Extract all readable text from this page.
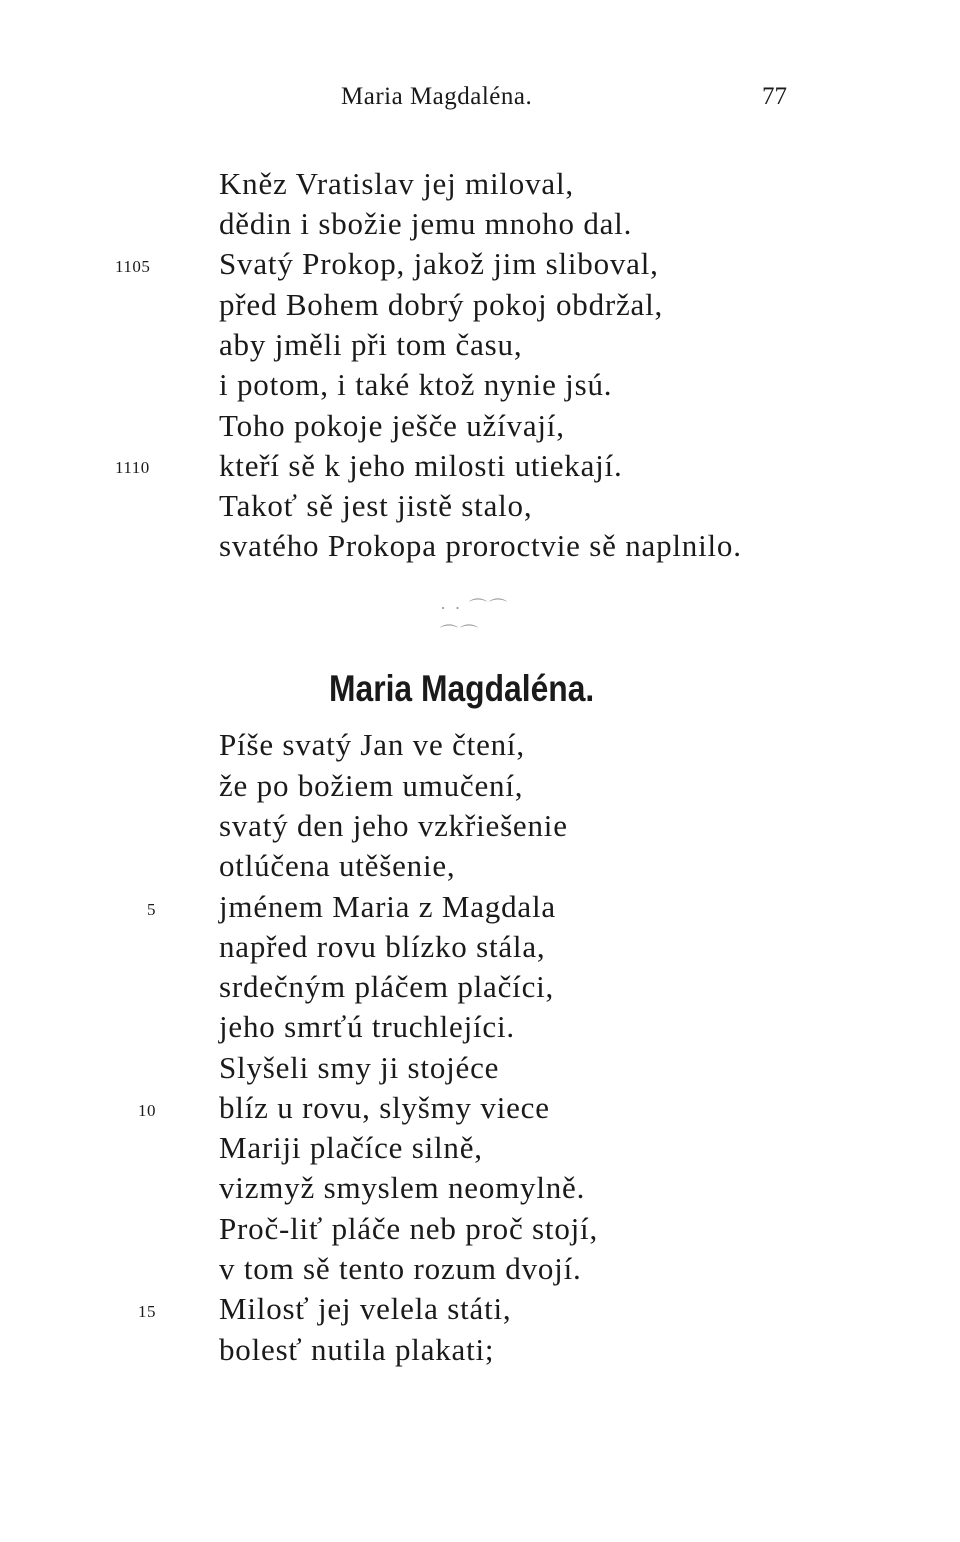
Maria Magdaléna.	77
Kněz Vratislav jej miloval,
dědin i sbožie jemu mnoho dal.
1105 Svatý Prokop, jakož jim sliboval,
před Bohem dobrý pokoj obdržal,
aby jměli při tom času,
i potom, i také ktož nynie jsú.
Toho pokoje ješče užívají,
1110 kteří sě k jeho milosti utiekají.
Takoť sě jest jistě stalo,
svatého Prokopa proroctvie sě naplnilo.
· · ⌒⌒ ⌒⌒
Maria Magdaléna.
Píše svatý Jan ve čtení,
že po božiem umučení,
svatý den jeho vzkřiešenie
otlúčena utěšenie,
5 jménem Maria z Magdala
napřed rovu blízko stála,
srdečným pláčem plačíci,
jeho smrťú truchlejíci.
Slyšeli smy ji stojéce
10 blíz u rovu, slyšmy viece
Mariji plačíce silně,
vizmyž smyslem neomylně.
Proč-liť pláče neb proč stojí,
v tom sě tento rozum dvojí.
15 Milosť jej velela státi,
bolesť nutila plakati;
